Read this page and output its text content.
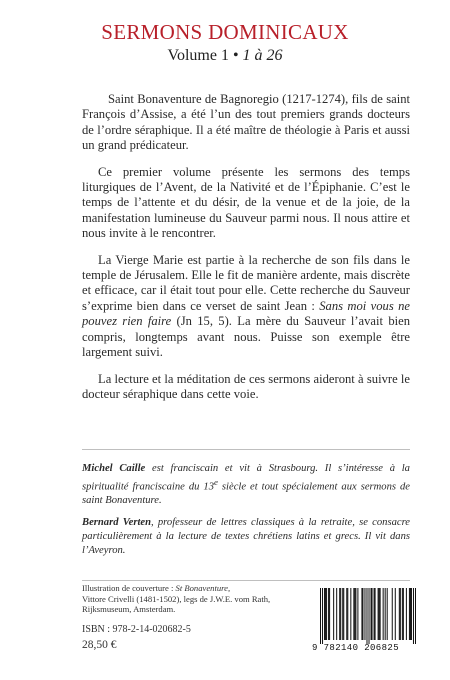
SERMONS DOMINICAUX
Volume 1 • 1 à 26

Saint Bonaventure de Bagnoregio (1217-1274), fils de saint François d’Assise, a été l’un des tout premiers grands docteurs de l’ordre séraphique. Il a été maître de théologie à Paris et aussi un grand prédicateur.

Ce premier volume présente les sermons des temps liturgiques de l’Avent, de la Nativité et de l’Épiphanie. C’est le temps de l’attente et du désir, de la venue et de la joie, de la manifestation lumineuse du Sauveur parmi nous. Il nous attire et nous invite à le rencontrer.

La Vierge Marie est partie à la recherche de son fils dans le temple de Jérusalem. Elle le fit de manière ardente, mais discrète et efficace, car il était tout pour elle. Cette recherche du Sauveur s’exprime bien dans ce verset de saint Jean : Sans moi vous ne pouvez rien faire (Jn 15, 5). La mère du Sauveur l’avait bien compris, longtemps avant nous. Puisse son exemple être largement suivi.

La lecture et la méditation de ces sermons aideront à suivre le docteur séraphique dans cette voie.

Michel Caille est franciscain et vit à Strasbourg. Il s’intéresse à la spiritualité franciscaine du 13e siècle et tout spécialement aux sermons de saint Bonaventure.

Bernard Verten, professeur de lettres classiques à la retraite, se consacre particulièrement à la lecture de textes chrétiens latins et grecs. Il vit dans l’Aveyron.

Illustration de couverture : St Bonaventure,
Vittore Crivelli (1481-1502), legs de J.W.E. vom Rath,
Rijksmuseum, Amsterdam.
ISBN : 978-2-14-020682-5
28,50 €	9 782140 206825
